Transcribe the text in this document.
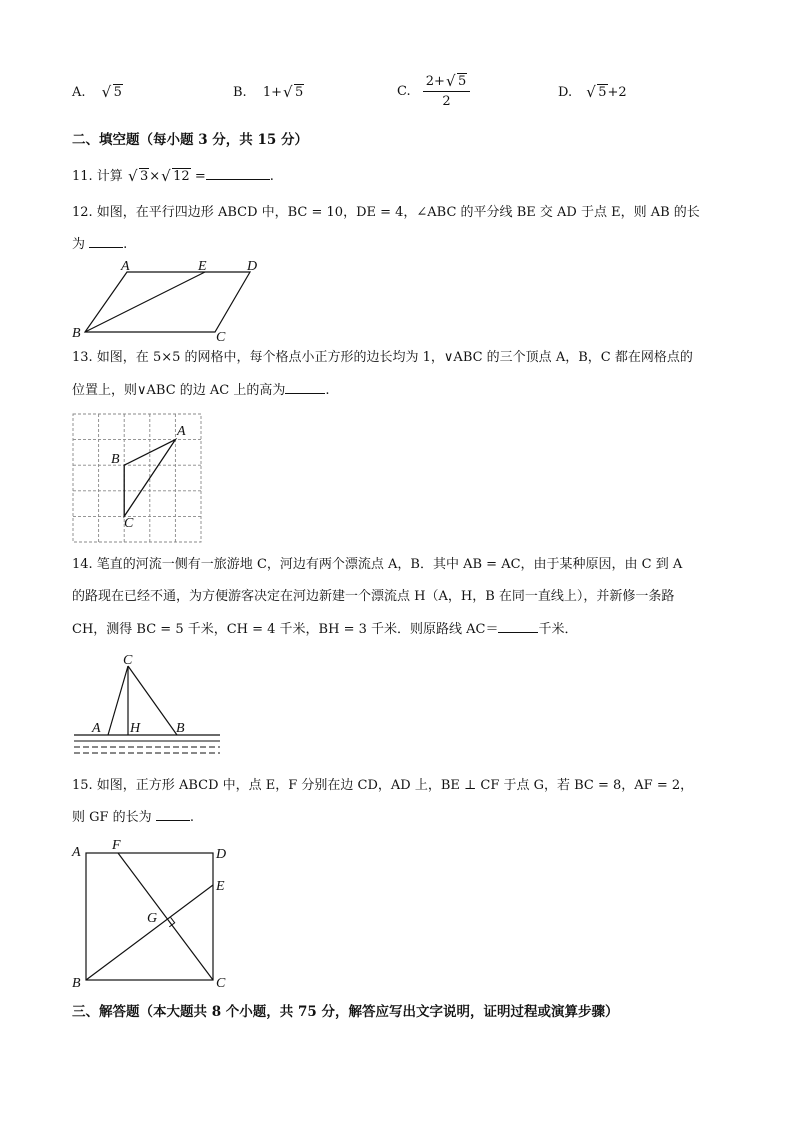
A. √ 5	B. 1+ √ 5	C. $\frac{2+ √ 5}{2}$	D. √ 5+2
二、填空题（每小题 3 分，共 15 分）
11. 计算 √ 3× √ 12 =	.
12. 如图，在平行四边形 ABCD 中，BC = 10，DE = 4，∠ABC 的平分线 BE 交 AD 于点 E，则 AB 的长
为	.
A	E	D
B	C
13. 如图，在 5×5 的网格中，每个格点小正方形的边长均为 1，∨ABC 的三个顶点 A，B，C 都在网格点的
位置上，则∨ABC 的边 AC 上的高为	.
A
B
C
14. 笔直的河流一侧有一旅游地 C，河边有两个漂流点 A，B．其中 AB = AC，由于某种原因，由 C 到 A
的路现在已经不通，为方便游客决定在河边新建一个漂流点 H（A，H，B 在同一直线上），并新修一条路
CH，测得 BC = 5 千米，CH = 4 千米，BH = 3 千米．则原路线 AC＝	千米．
C
A H	B
15. 如图，正方形 ABCD 中，点 E，F 分别在边 CD，AD 上，BE ⊥ CF 于点 G，若 BC = 8，AF = 2，
则 GF 的长为	.
A F
D
E
G
B	C
三、解答题（本大题共 8 个小题，共 75 分，解答应写出文字说明，证明过程或演算步骤）
